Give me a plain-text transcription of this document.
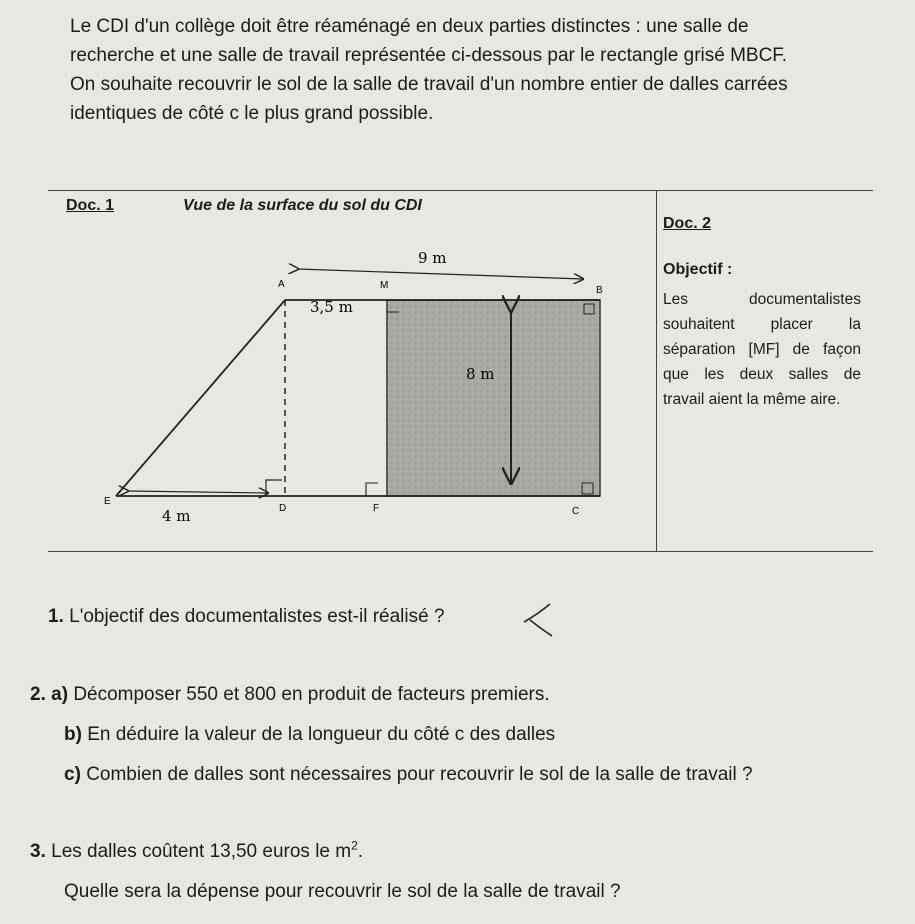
Le CDI d'un collège doit être réaménagé en deux parties distinctes : une salle de

recherche et une salle de travail représentée ci-dessous par le rectangle grisé MBCF.

On souhaite recouvrir le sol de la salle de travail d'un nombre entier de dalles carrées

identiques de côté c le plus grand possible.

9 m
3,5 m
8 m
4 m
A	M	B
C
D
E
F
Doc. 1	Vue de la surface du sol du CDI
Doc. 2
Objectif :

Les documentalistes souhaitent placer la séparation [MF] de façon que les deux salles de travail aient la même aire.

1. L'objectif des documentalistes est-il réalisé ?
2. a) Décomposer 550 et 800 en produit de facteurs premiers.
b) En déduire la valeur de la longueur du côté c des dalles
c) Combien de dalles sont nécessaires pour recouvrir le sol de la salle de travail ?
3. Les dalles coûtent 13,50 euros le $m^2$.
Quelle sera la dépense pour recouvrir le sol de la salle de travail ?
